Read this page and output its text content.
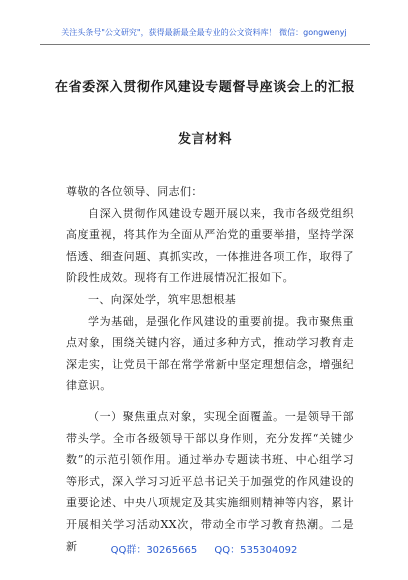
关注头条号"公文研究"，获得最新最全最专业的公文资料库！ 微信：gongwenyj
在省委深入贯彻作风建设专题督导座谈会上的汇报发言材料

尊敬的各位领导、同志们：

自深入贯彻作风建设专题开展以来，我市各级党组织高度重视，将其作为全面从严治党的重要举措，坚持学深悟透、细查问题、真抓实改，一体推进各项工作，取得了阶段性成效。现将有工作进展情况汇报如下。

一、向深处学，筑牢思想根基

学为基础，是强化作风建设的重要前提。我市聚焦重点对象，围绕关键内容，通过多种方式，推动学习教育走深走实，让党员干部在常学常新中坚定理想信念，增强纪律意识。

（一）聚焦重点对象，实现全面覆盖。一是领导干部带头学。全市各级领导干部以身作则，充分发挥“关键少数”的示范引领作用。通过举办专题读书班、中心组学习等形式，深入学习习近平总书记关于加强党的作风建设的重要论述、中央八项规定及其实施细则精神等内容，累计开展相关学习活动XX次，带动全市学习教育热潮。二是新	QQ群：30265665 QQ：535304092
